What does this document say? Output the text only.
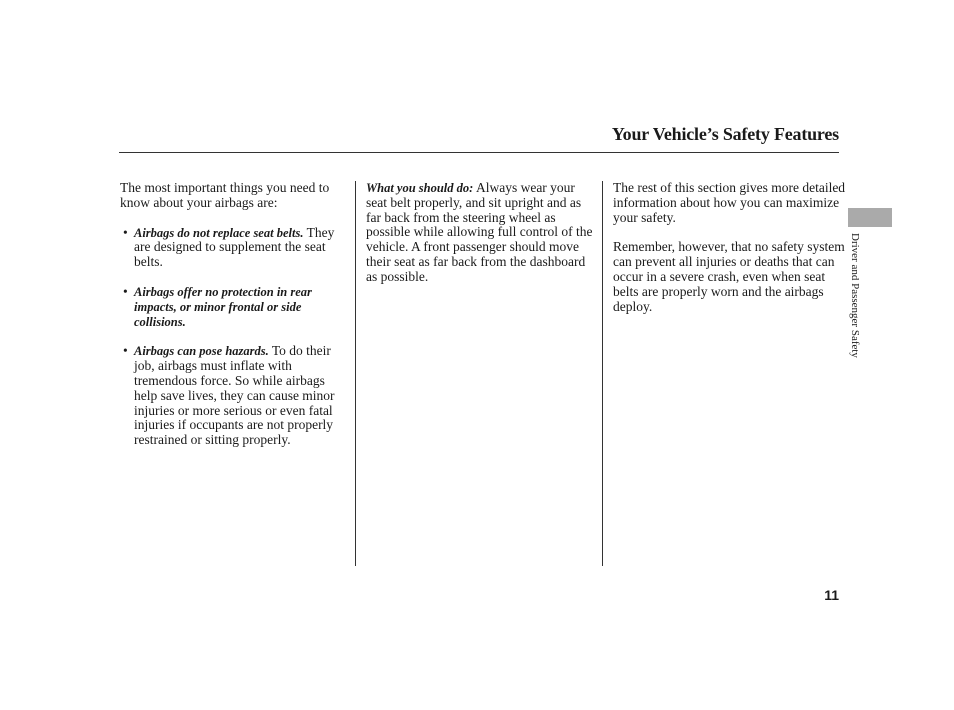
Your Vehicle’s Safety Features

The most important things you need to know about your airbags are:

• Airbags do not replace seat belts. They are designed to supplement the seat belts.
• Airbags offer no protection in rear impacts, or minor frontal or side collisions.
• Airbags can pose hazards. To do their job, airbags must inflate with tremendous force. So while airbags help save lives, they can cause minor injuries or more serious or even fatal injuries if occupants are not properly restrained or sitting properly.

What you should do: Always wear your seat belt properly, and sit upright and as far back from the steering wheel as possible while allowing full control of the vehicle. A front passenger should move their seat as far back from the dashboard as possible.

The rest of this section gives more detailed information about how you can maximize your safety.

Remember, however, that no safety system can prevent all injuries or deaths that can occur in a severe crash, even when seat belts are properly worn and the airbags deploy.	Driver and Passenger Safety
11
